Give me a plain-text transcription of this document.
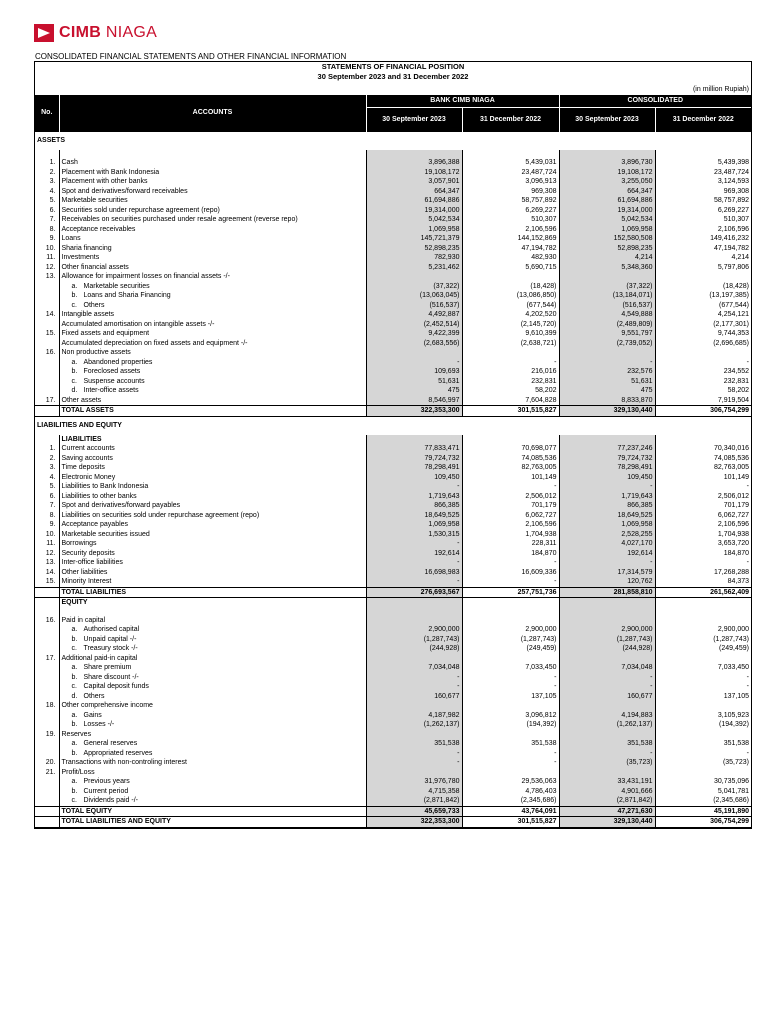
CIMB NIAGA
CONSOLIDATED FINANCIAL STATEMENTS AND OTHER FINANCIAL INFORMATION
STATEMENTS OF FINANCIAL POSITION
30 September 2023 and 31 December 2022
(in million Rupiah)
No.	ACCOUNTS	BANK CIMB NIAGA		CONSOLIDATED	
		30 September 2023	31 December 2022	30 September 2023	31 December 2022
ASSETS					

1.	Cash	3,896,388	5,439,031	3,896,730	5,439,398
2.	Placement with Bank Indonesia	19,108,172	23,487,724	19,108,172	23,487,724
3.	Placement with other banks	3,057,901	3,096,913	3,255,050	3,124,593
4.	Spot and derivatives/forward receivables	664,347	969,308	664,347	969,308
5.	Marketable securities	61,694,886	58,757,892	61,694,886	58,757,892
6.	Securities sold under repurchase agreement (repo)	19,314,000	6,269,227	19,314,000	6,269,227
7.	Receivables on securities purchased under resale agreement (reverse repo)	5,042,534	510,307	5,042,534	510,307
8.	Acceptance receivables	1,069,958	2,106,596	1,069,958	2,106,596
9.	Loans	145,721,379	144,152,869	152,580,508	149,416,232
10.	Sharia financing	52,898,235	47,194,782	52,898,235	47,194,782
11.	Investments	782,930	482,930	4,214	4,214
12.	Other financial assets	5,231,462	5,690,715	5,348,360	5,797,806
13.	Allowance for impairment losses on financial assets -/-				
	a. Marketable securities	(37,322)	(18,428)	(37,322)	(18,428)
	b. Loans and Sharia Financing	(13,063,045)	(13,086,850)	(13,184,071)	(13,197,385)
	c. Others	(516,537)	(677,544)	(516,537)	(677,544)
14.	Intangible assets	4,492,887	4,202,520	4,549,888	4,254,121
	Accumulated amortisation on intangible assets -/-	(2,452,514)	(2,145,720)	(2,489,809)	(2,177,301)
15.	Fixed assets and equipment	9,422,399	9,610,399	9,551,797	9,744,353
	Accumulated depreciation on fixed assets and equipment -/-	(2,683,556)	(2,638,721)	(2,739,052)	(2,696,685)
16.	Non productive assets				
	a. Abandoned properties	-	-	-	-
	b. Foreclosed assets	109,693	216,016	232,576	234,552
	c. Suspense accounts	51,631	232,831	51,631	232,831
	d. Inter-office assets	475	58,202	475	58,202
17.	Other assets	8,546,997	7,604,828	8,833,870	7,919,504
	TOTAL ASSETS	322,353,300	301,515,827	329,130,440	306,754,299
LIABILITIES AND EQUITY					
	LIABILITIES				
1.	Current accounts	77,833,471	70,698,077	77,237,246	70,340,016
2.	Saving accounts	79,724,732	74,085,536	79,724,732	74,085,536
3.	Time deposits	78,298,491	82,763,005	78,298,491	82,763,005
4.	Electronic Money	109,450	101,149	109,450	101,149
5.	Liabilities to Bank Indonesia	-	-	-	-
6.	Liabilities to other banks	1,719,643	2,506,012	1,719,643	2,506,012
7.	Spot and derivatives/forward payables	866,385	701,179	866,385	701,179
8.	Liabilities on securities sold under repurchase agreement (repo)	18,649,525	6,062,727	18,649,525	6,062,727
9.	Acceptance payables	1,069,958	2,106,596	1,069,958	2,106,596
10.	Marketable securities issued	1,530,315	1,704,938	2,528,255	1,704,938
11.	Borrowings	-	228,311	4,027,170	3,653,720
12.	Security deposits	192,614	184,870	192,614	184,870
13.	Inter-office liabilities	-	-	-	-
14.	Other liabilities	16,698,983	16,609,336	17,314,579	17,268,288
15.	Minority Interest	-	-	120,762	84,373
	TOTAL LIABILITIES	276,693,567	257,751,736	281,858,810	261,562,409
	EQUITY				

16.	Paid in capital				
	a. Authorised capital	2,900,000	2,900,000	2,900,000	2,900,000
	b. Unpaid capital -/-	(1,287,743)	(1,287,743)	(1,287,743)	(1,287,743)
	c. Treasury stock -/-	(244,928)	(249,459)	(244,928)	(249,459)
17.	Additional paid-in capital				
	a. Share premium	7,034,048	7,033,450	7,034,048	7,033,450
	b. Share discount -/-	-	-	-	-
	c. Capital deposit funds	-	-	-	-
	d. Others	160,677	137,105	160,677	137,105
18.	Other comprehensive income				
	a. Gains	4,187,982	3,096,812	4,194,883	3,105,923
	b. Losses -/-	(1,262,137)	(194,392)	(1,262,137)	(194,392)
19.	Reserves				
	a. General reserves	351,538	351,538	351,538	351,538
	b. Appropriated reserves	-	-	-	-
20.	Transactions with non-controling interest	-	-	(35,723)	(35,723)
21.	Profit/Loss				
	a. Previous years	31,976,780	29,536,063	33,431,191	30,735,096
	b. Current period	4,715,358	4,786,403	4,901,666	5,041,781
	c. Dividends paid -/-	(2,871,842)	(2,345,686)	(2,871,842)	(2,345,686)
	TOTAL EQUITY	45,659,733	43,764,091	47,271,630	45,191,890
	TOTAL LIABILITIES AND EQUITY	322,353,300	301,515,827	329,130,440	306,754,299
